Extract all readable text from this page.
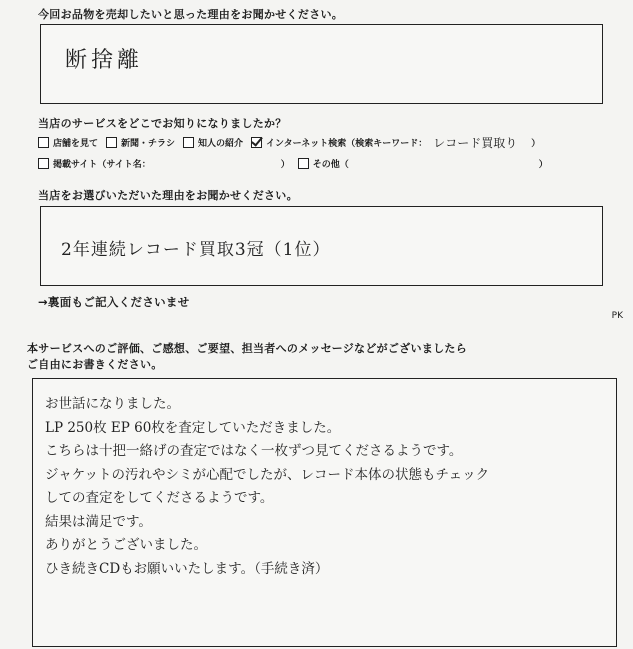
今回お品物を売却したいと思った理由をお聞かせください。
断捨離
当店のサービスをどこでお知りになりましたか？
店舗を見て	新聞・チラシ	知人の紹介	インターネット検索（検索キーワード： レコード買取り ）
掲載サイト（サイト名：	）	その他（	）
当店をお選びいただいた理由をお聞かせください。
2年連続レコード買取3冠（1位）
→裏面もご記入くださいませ
PK
本サービスへのご評価、ご感想、ご要望、担当者へのメッセージなどがございましたら
ご自由にお書きください。
お世話になりました。
LP 250枚 EP 60枚を査定していただきました。
こちらは十把一絡げの査定ではなく一枚ずつ見てくださるようです。
ジャケットの汚れやシミが心配でしたが、レコード本体の状態もチェック
しての査定をしてくださるようです。
結果は満足です。
ありがとうございました。
ひき続きCDもお願いいたします。（手続き済）
